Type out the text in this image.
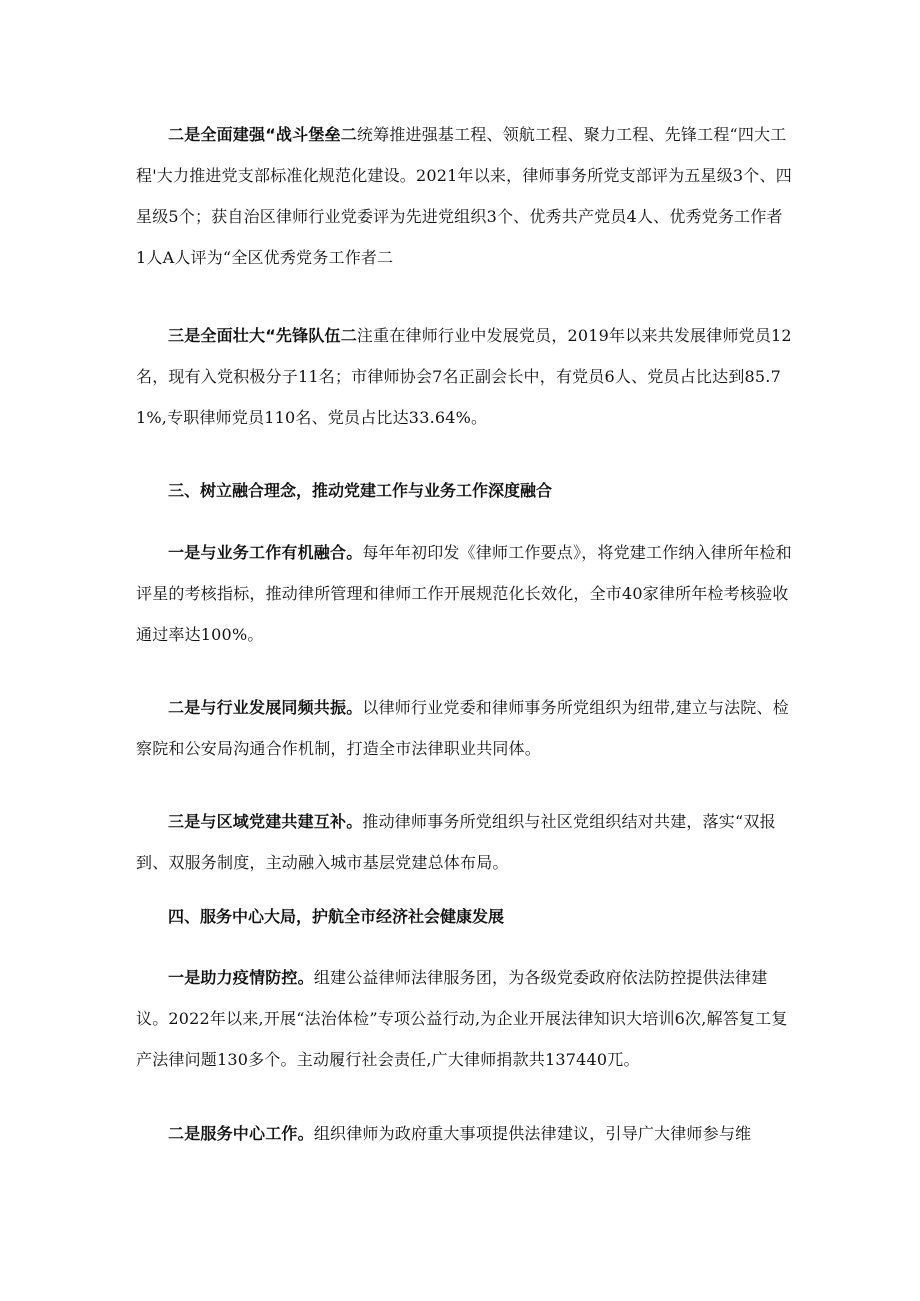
二是全面建强“战斗堡垒二统筹推进强基工程、领航工程、聚力工程、先锋工程“四大工程'大力推进党支部标准化规范化建设。2021年以来，律师事务所党支部评为五星级3个、四星级5个；获自治区律师行业党委评为先进党组织3个、优秀共产党员4人、优秀党务工作者1人A人评为“全区优秀党务工作者二

三是全面壮大“先锋队伍二注重在律师行业中发展党员，2019年以来共发展律师党员12名，现有入党积极分子11名；市律师协会7名正副会长中，有党员6人、党员占比达到85.71%,专职律师党员110名、党员占比达33.64%。

三、树立融合理念，推动党建工作与业务工作深度融合

一是与业务工作有机融合。每年年初印发《律师工作要点》，将党建工作纳入律所年检和评星的考核指标，推动律所管理和律师工作开展规范化长效化，全市40家律所年检考核验收通过率达100%。

二是与行业发展同频共振。以律师行业党委和律师事务所党组织为纽带,建立与法院、检察院和公安局沟通合作机制，打造全市法律职业共同体。

三是与区域党建共建互补。推动律师事务所党组织与社区党组织结对共建，落实“双报到、双服务制度，主动融入城市基层党建总体布局。

四、服务中心大局，护航全市经济社会健康发展

一是助力疫情防控。组建公益律师法律服务团，为各级党委政府依法防控提供法律建议。2022年以来,开展“法治体检”专项公益行动,为企业开展法律知识大培训6次,解答复工复产法律问题130多个。主动履行社会责任,广大律师捐款共137440兀。

二是服务中心工作。组织律师为政府重大事项提供法律建议，引导广大律师参与维
